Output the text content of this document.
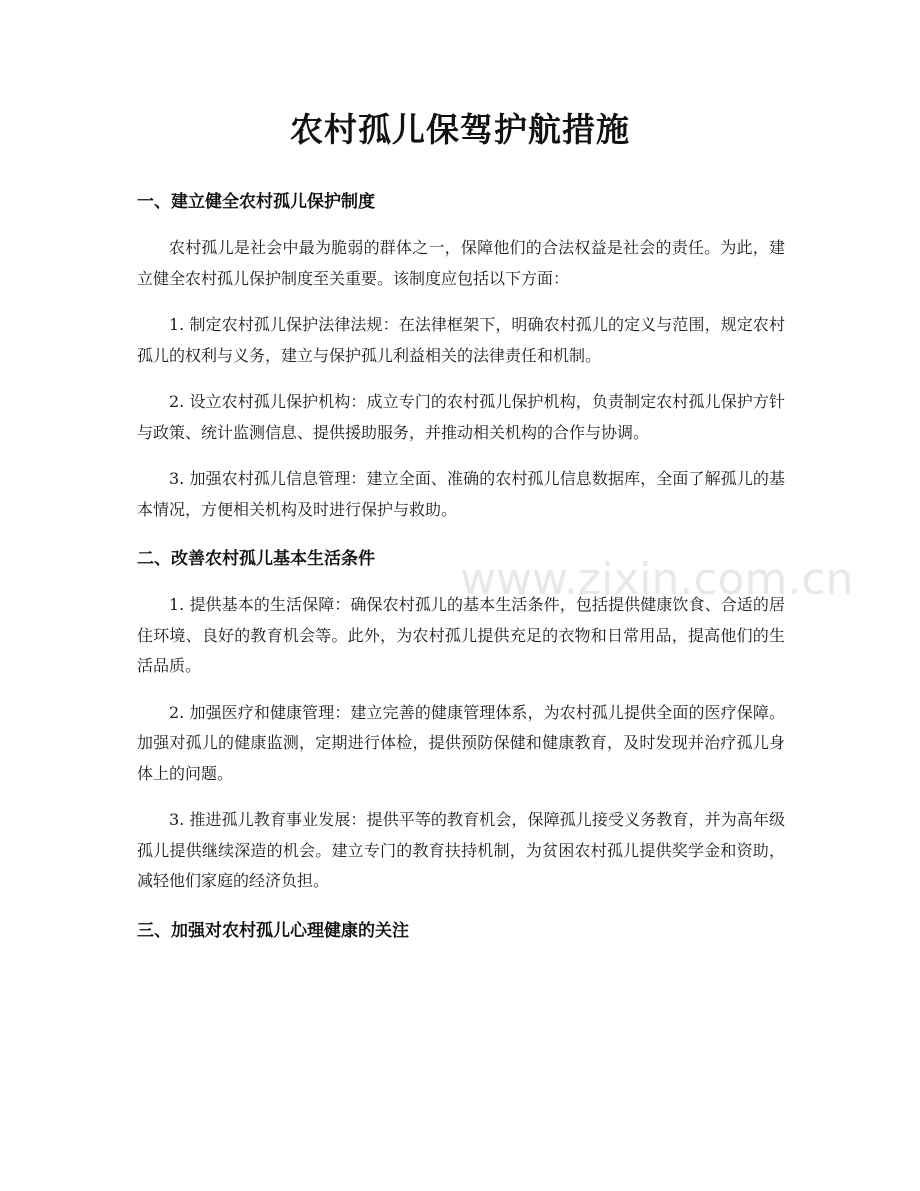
农村孤儿保驾护航措施
一、建立健全农村孤儿保护制度

农村孤儿是社会中最为脆弱的群体之一，保障他们的合法权益是社会的责任。为此，建立健全农村孤儿保护制度至关重要。该制度应包括以下方面：

1. 制定农村孤儿保护法律法规：在法律框架下，明确农村孤儿的定义与范围，规定农村孤儿的权利与义务，建立与保护孤儿利益相关的法律责任和机制。

2. 设立农村孤儿保护机构：成立专门的农村孤儿保护机构，负责制定农村孤儿保护方针与政策、统计监测信息、提供援助服务，并推动相关机构的合作与协调。

3. 加强农村孤儿信息管理：建立全面、准确的农村孤儿信息数据库，全面了解孤儿的基本情况，方便相关机构及时进行保护与救助。

二、改善农村孤儿基本生活条件

1. 提供基本的生活保障：确保农村孤儿的基本生活条件，包括提供健康饮食、合适的居住环境、良好的教育机会等。此外，为农村孤儿提供充足的衣物和日常用品，提高他们的生活品质。

2. 加强医疗和健康管理：建立完善的健康管理体系，为农村孤儿提供全面的医疗保障。加强对孤儿的健康监测，定期进行体检，提供预防保健和健康教育，及时发现并治疗孤儿身体上的问题。

3. 推进孤儿教育事业发展：提供平等的教育机会，保障孤儿接受义务教育，并为高年级孤儿提供继续深造的机会。建立专门的教育扶持机制，为贫困农村孤儿提供奖学金和资助，减轻他们家庭的经济负担。

三、加强对农村孤儿心理健康的关注
www.zixin.com.cn
